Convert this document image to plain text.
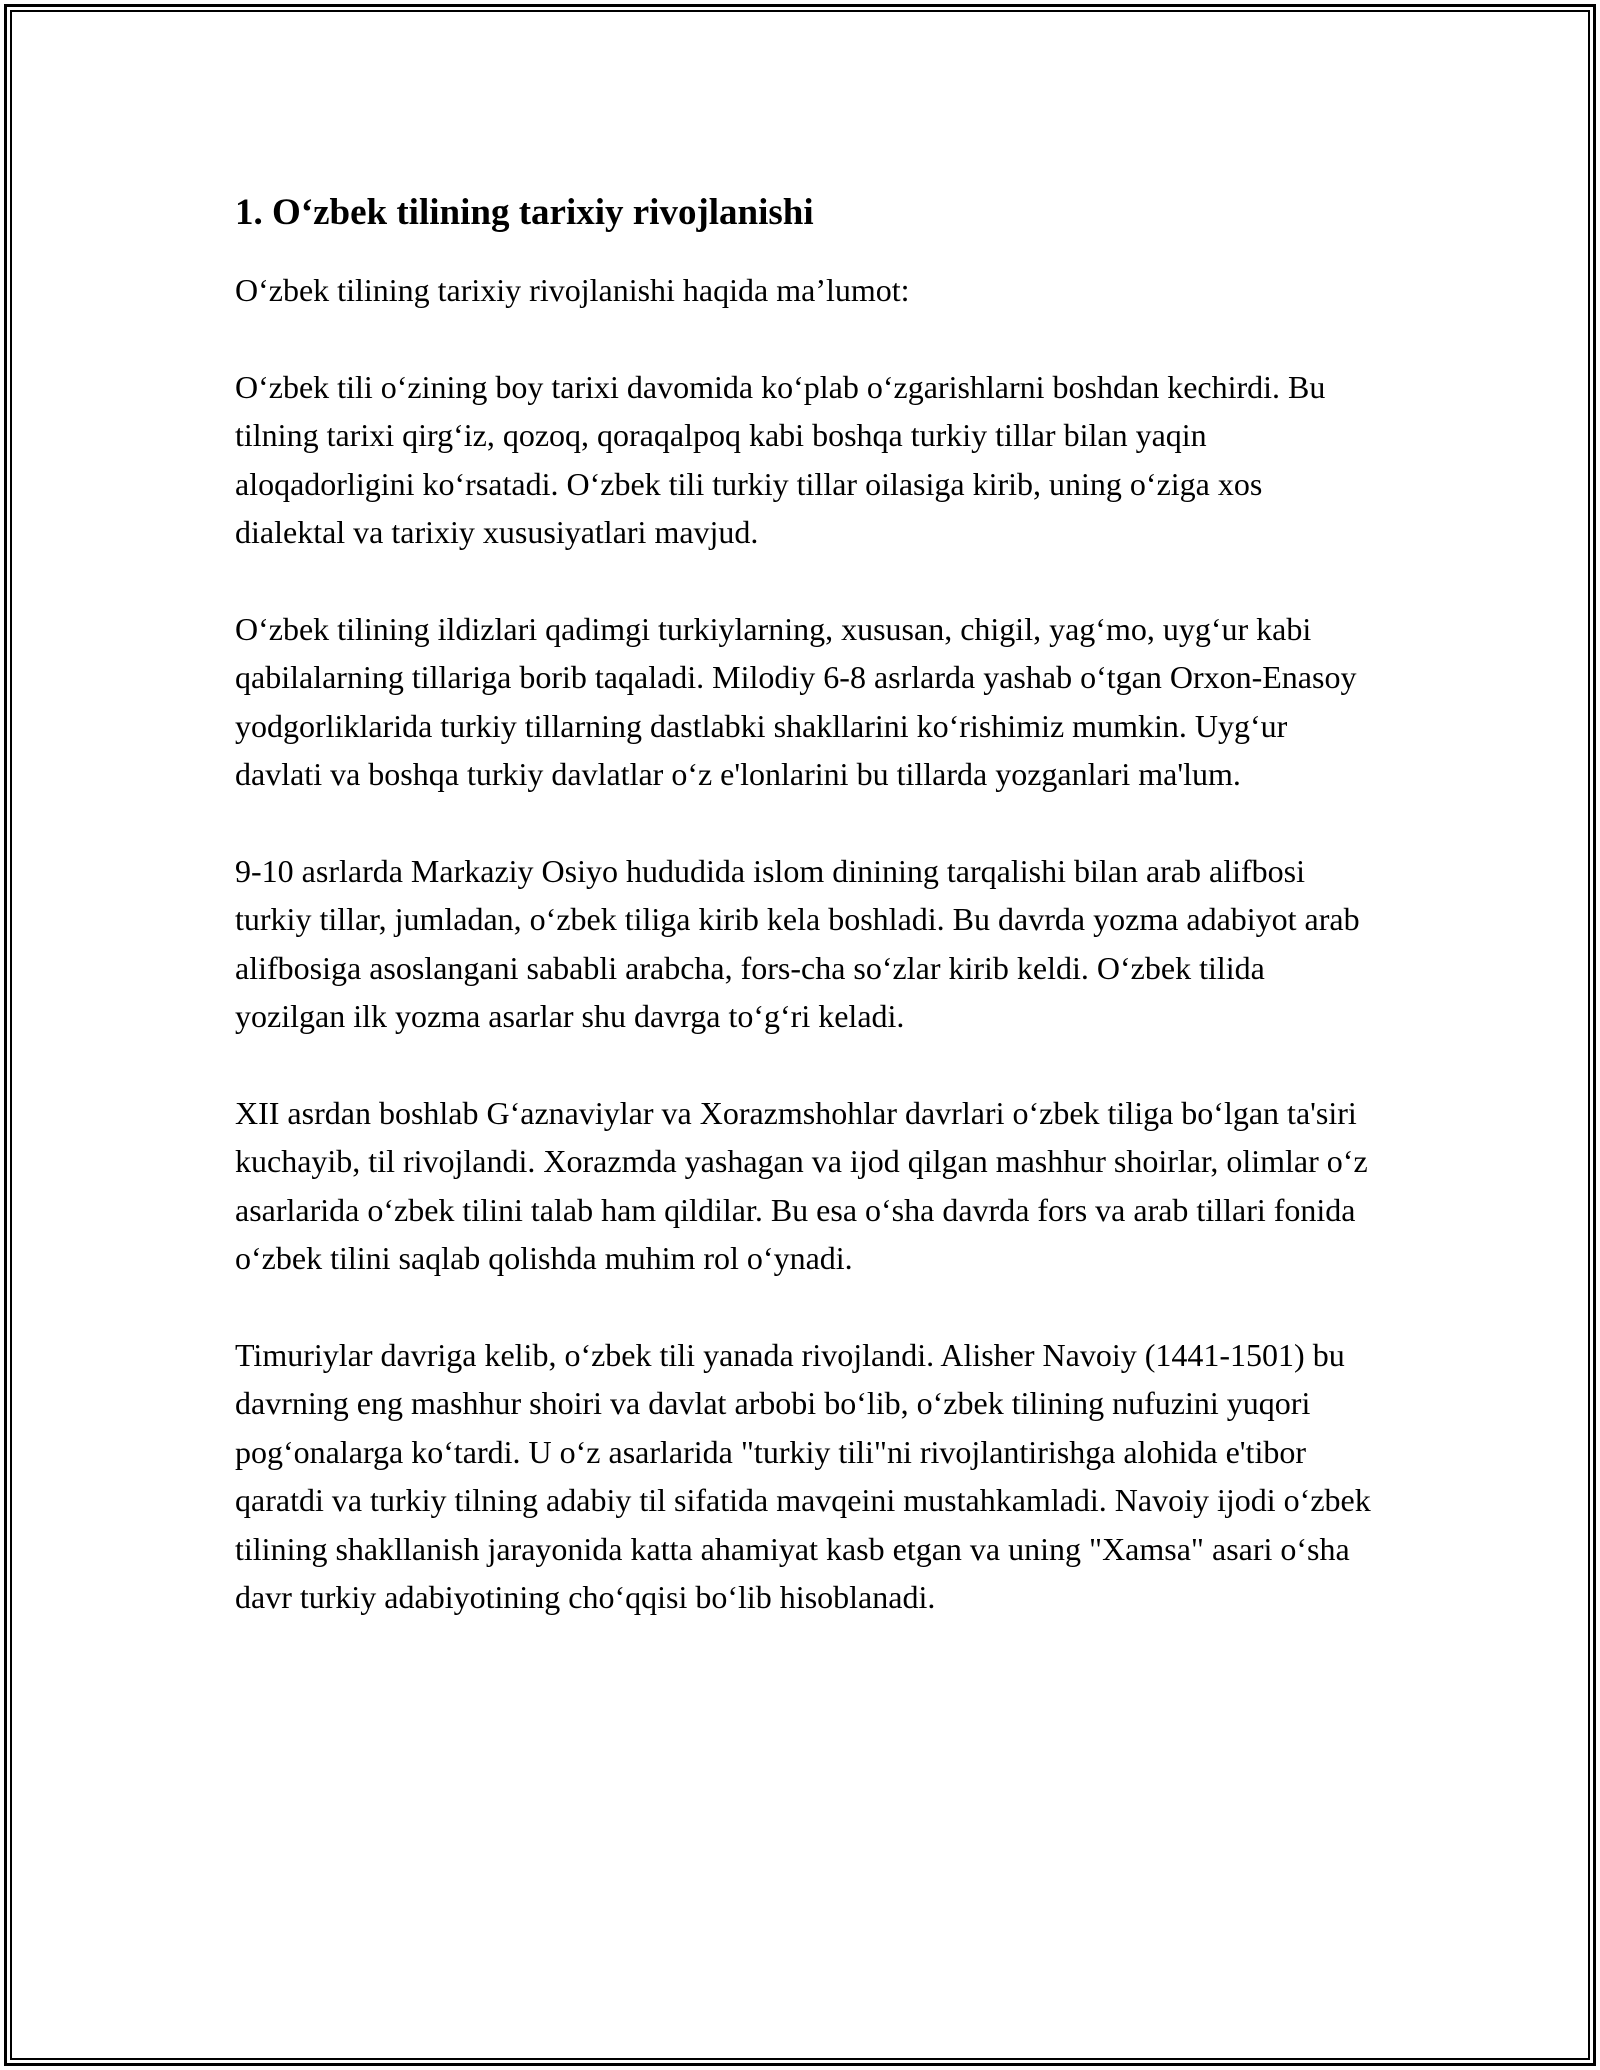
1. O‘zbek tilining tarixiy rivojlanishi

O‘zbek tilining tarixiy rivojlanishi haqida ma’lumot:

O‘zbek tili o‘zining boy tarixi davomida ko‘plab o‘zgarishlarni boshdan kechirdi. Bu tilning tarixi qirg‘iz, qozoq, qoraqalpoq kabi boshqa turkiy tillar bilan yaqin aloqadorligini ko‘rsatadi. O‘zbek tili turkiy tillar oilasiga kirib, uning o‘ziga xos dialektal va tarixiy xususiyatlari mavjud.

O‘zbek tilining ildizlari qadimgi turkiylarning, xususan, chigil, yag‘mo, uyg‘ur kabi qabilalarning tillariga borib taqaladi. Milodiy 6-8 asrlarda yashab o‘tgan Orxon-Enasoy yodgorliklarida turkiy tillarning dastlabki shakllarini ko‘rishimiz mumkin. Uyg‘ur davlati va boshqa turkiy davlatlar o‘z e'lonlarini bu tillarda yozganlari ma'lum.

9-10 asrlarda Markaziy Osiyo hududida islom dinining tarqalishi bilan arab alifbosi turkiy tillar, jumladan, o‘zbek tiliga kirib kela boshladi. Bu davrda yozma adabiyot arab alifbosiga asoslangani sababli arabcha, fors-cha so‘zlar kirib keldi. O‘zbek tilida yozilgan ilk yozma asarlar shu davrga to‘g‘ri keladi.

XII asrdan boshlab G‘aznaviylar va Xorazmshohlar davrlari o‘zbek tiliga bo‘lgan ta'siri kuchayib, til rivojlandi. Xorazmda yashagan va ijod qilgan mashhur shoirlar, olimlar o‘z asarlarida o‘zbek tilini talab ham qildilar. Bu esa o‘sha davrda fors va arab tillari fonida o‘zbek tilini saqlab qolishda muhim rol o‘ynadi.

Timuriylar davriga kelib, o‘zbek tili yanada rivojlandi. Alisher Navoiy (1441-1501) bu davrning eng mashhur shoiri va davlat arbobi bo‘lib, o‘zbek tilining nufuzini yuqori pog‘onalarga ko‘tardi. U o‘z asarlarida "turkiy tili"ni rivojlantirishga alohida e'tibor qaratdi va turkiy tilning adabiy til sifatida mavqeini mustahkamladi. Navoiy ijodi o‘zbek tilining shakllanish jarayonida katta ahamiyat kasb etgan va uning "Xamsa" asari o‘sha davr turkiy adabiyotining cho‘qqisi bo‘lib hisoblanadi.
